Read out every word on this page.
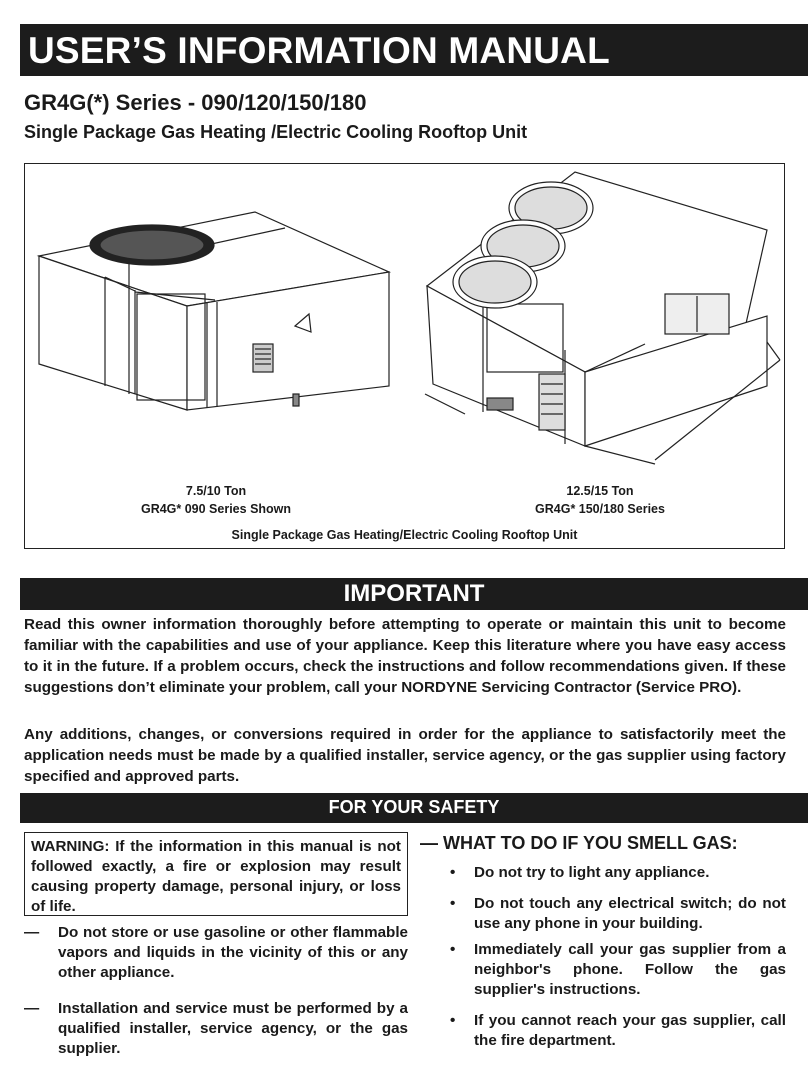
USER’S INFORMATION MANUAL
GR4G(*) Series - 090/120/150/180
Single Package Gas Heating /Electric Cooling Rooftop Unit
7.5/10 Ton
GR4G* 090 Series Shown
12.5/15 Ton
GR4G* 150/180 Series
Single Package Gas Heating/Electric Cooling Rooftop Unit
IMPORTANT
Read this owner information thoroughly before attempting to operate or maintain this unit to become familiar with the capabilities and use of your appliance. Keep this literature where you have easy access to it in the future. If a problem occurs, check the instructions and follow recommendations given. If these suggestions don’t eliminate your problem, call your NORDYNE Servicing Contractor (Service PRO).
Any additions, changes, or conversions required in order for the appliance to satisfactorily meet the application needs must be made by a qualified installer, service agency, or the gas supplier using factory specified and approved parts.
FOR YOUR SAFETY
WARNING: If the information in this manual is not followed exactly, a fire or explosion may result causing property damage, personal injury, or loss of life.
— Do not store or use gasoline or other flammable vapors and liquids in the vicinity of this or any other appliance.
— Installation and service must be performed by a qualified installer, service agency, or the gas supplier.
— WHAT TO DO IF YOU SMELL GAS:
• Do not try to light any appliance.
• Do not touch any electrical switch; do not use any phone in your building.
• Immediately call your gas supplier from a neighbor's phone. Follow the gas supplier's instructions.
• If you cannot reach your gas supplier, call the fire department.
